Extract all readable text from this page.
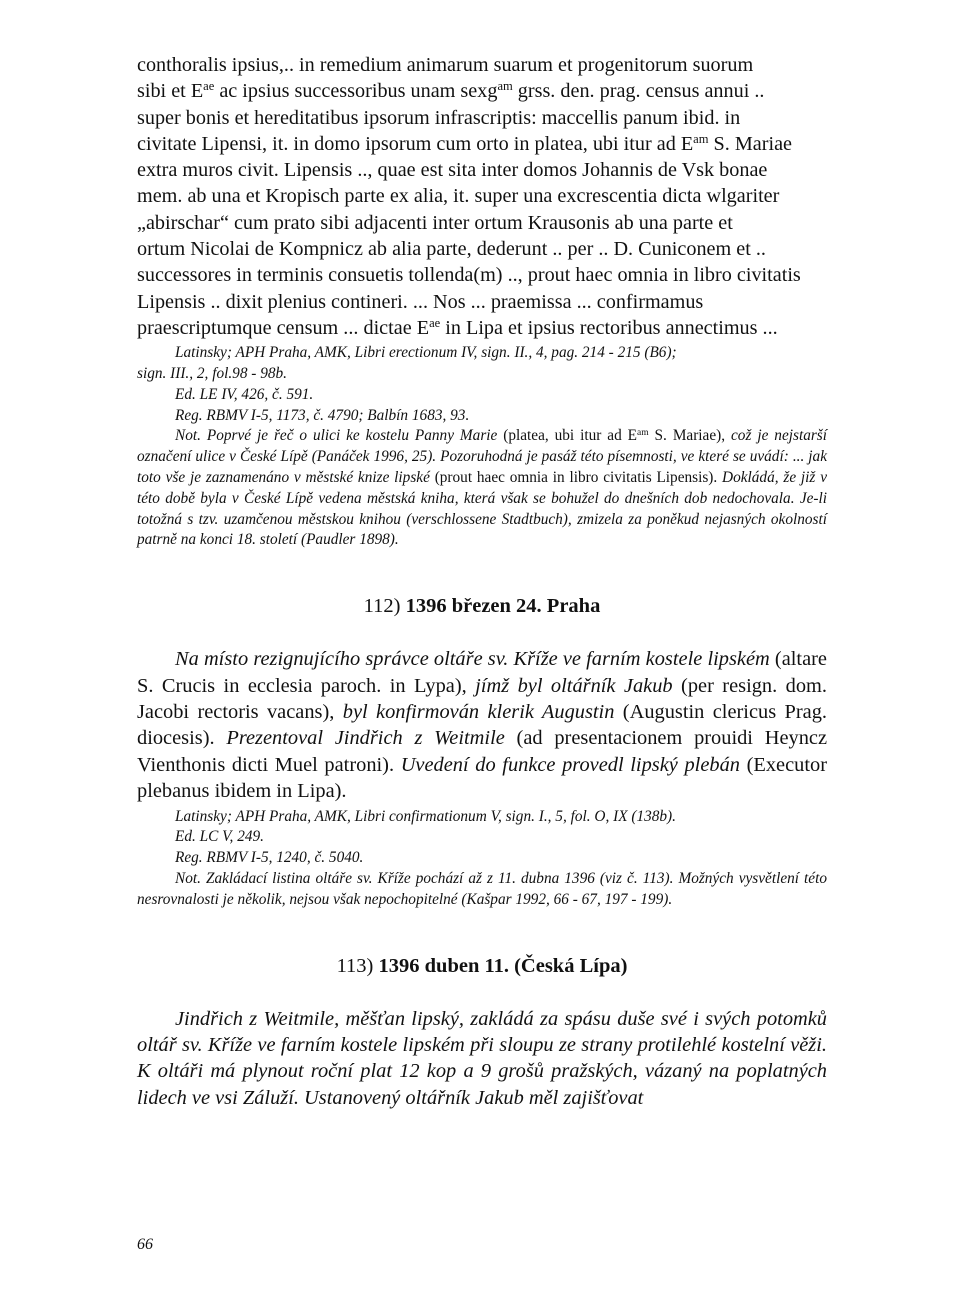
conthoralis ipsius,.. in remedium animarum suarum et progenitorum suorum

sibi et $E^{ae}$ ac ipsius successoribus unam sexg$^{am}$ grss. den. prag. census annui ..

super bonis et hereditatibus ipsorum infrascriptis: maccellis panum ibid. in

civitate Lipensi, it. in domo ipsorum cum orto in platea, ubi itur ad $E^{am}$ S. Mariae

extra muros civit. Lipensis .., quae est sita inter domos Johannis de Vsk bonae

mem. ab una et Kropisch parte ex alia, it. super una excrescentia dicta wlgariter

„abirschar“ cum prato sibi adjacenti inter ortum Krausonis ab una parte et

ortum Nicolai de Kompnicz ab alia parte, dederunt .. per .. D. Cuniconem et ..

successores in terminis consuetis tollenda(m) .., prout haec omnia in libro civitatis

Lipensis .. dixit plenius contineri. ... Nos ... praemissa ... confirmamus

praescriptumque censum ... dictae $E^{ae}$ in Lipa et ipsius rectoribus annectimus ...

Latinsky; APH Praha, AMK, Libri erectionum IV, sign. II., 4, pag. 214 - 215 (B6);

sign. III., 2, fol.98 - 98b.

Ed. LE IV, 426, č. 591.

Reg. RBMV I-5, 1173, č. 4790; Balbín 1683, 93.

Not. Poprvé je řeč o ulici ke kostelu Panny Marie (platea, ubi itur ad $E^{am}$ S. Mariae), což je nejstarší označení ulice v České Lípě (Panáček 1996, 25). Pozoruhodná je pasáž této písemnosti, ve které se uvádí: ... jak toto vše je zaznamenáno v městské knize lipské (prout haec omnia in libro civitatis Lipensis). Dokládá, že již v této době byla v České Lípě vedena městská kniha, která však se bohužel do dnešních dob nedochovala. Je-li totožná s tzv. uzamčenou městskou knihou (verschlossene Stadtbuch), zmizela za poněkud nejasných okolností patrně na konci 18. století (Paudler 1898).

112) 1396 březen 24. Praha

Na místo rezignujícího správce oltáře sv. Kříže ve farním kostele lipském (altare S. Crucis in ecclesia paroch. in Lypa), jímž byl oltářník Jakub (per resign. dom. Jacobi rectoris vacans), byl konfirmován klerik Augustin (Augustin clericus Prag. diocesis). Prezentoval Jindřich z Weitmile (ad presentacionem prouidi Heyncz Vienthonis dicti Muel patroni). Uvedení do funkce provedl lipský plebán (Executor plebanus ibidem in Lipa).

Latinsky; APH Praha, AMK, Libri confirmationum V, sign. I., 5, fol. O, IX (138b).

Ed. LC V, 249.

Reg. RBMV I-5, 1240, č. 5040.

Not. Zakládací listina oltáře sv. Kříže pochází až z 11. dubna 1396 (viz č. 113). Možných vysvětlení této nesrovnalosti je několik, nejsou však nepochopitelné (Kašpar 1992, 66 - 67, 197 - 199).

113) 1396 duben 11. (Česká Lípa)

Jindřich z Weitmile, měšťan lipský, zakládá za spásu duše své i svých potomků oltář sv. Kříže ve farním kostele lipském při sloupu ze strany protilehlé kostelní věži. K oltáři má plynout roční plat 12 kop a 9 grošů pražských, vázaný na poplatných lidech ve vsi Záluží. Ustanovený oltářník Jakub měl zajišťovat

66
